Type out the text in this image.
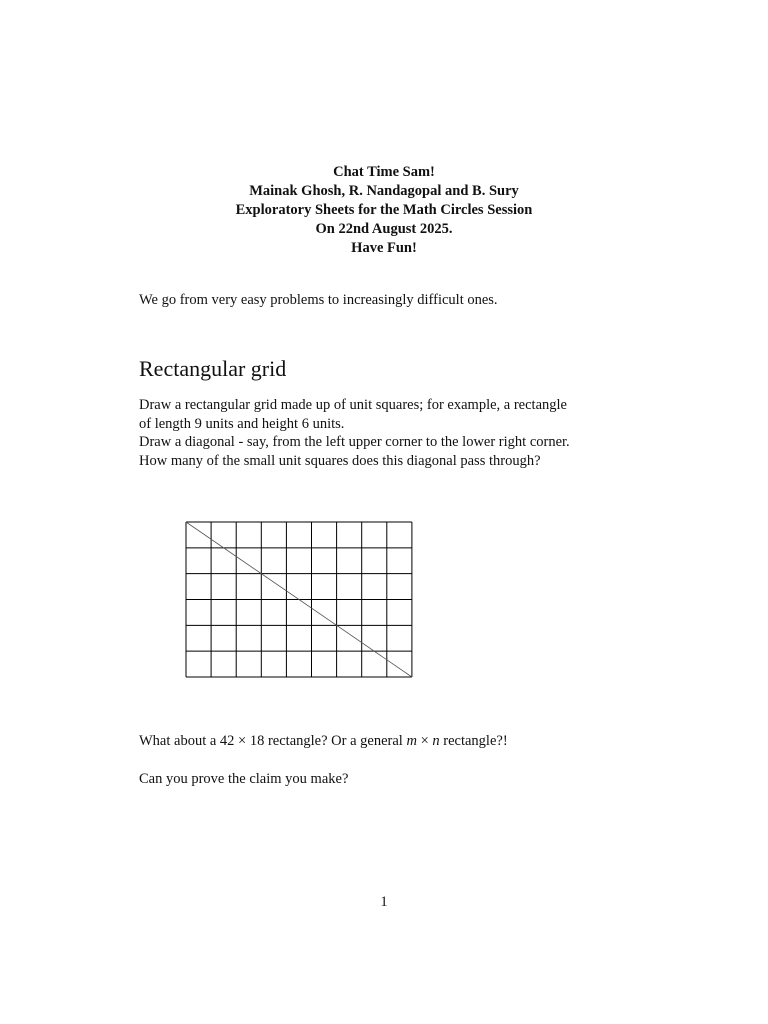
Chat Time Sam!
Mainak Ghosh, R. Nandagopal and B. Sury
Exploratory Sheets for the Math Circles Session
On 22nd August 2025.
Have Fun!
We go from very easy problems to increasingly difficult ones.
Rectangular grid
Draw a rectangular grid made up of unit squares; for example, a rectangle
of length 9 units and height 6 units.
Draw a diagonal - say, from the left upper corner to the lower right corner.
How many of the small unit squares does this diagonal pass through?
What about a 42 × 18 rectangle? Or a general m × n rectangle?!
Can you prove the claim you make?
1
